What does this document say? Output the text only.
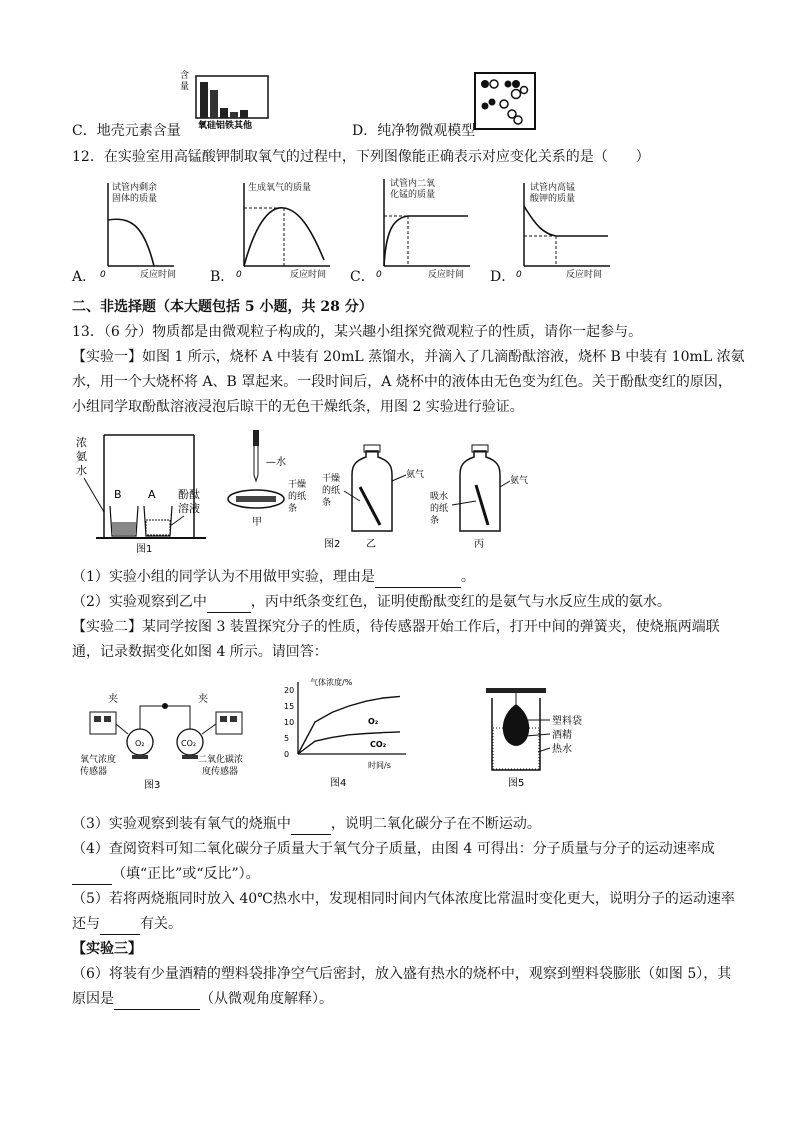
含
量
氧硅铝铁其他
C．地壳元素含量	D．纯净物微观模型
12．在实验室用高锰酸钾制取氧气的过程中，下列图像能正确表示对应变化关系的是（　　）
试管内剩余
固体的质量
0	反应时间
A．
生成氧气的质量
0	反应时间
B．
试管内二氧
化锰的质量
0	反应时间
C．
试管内高锰
酸钾的质量
0	反应时间
D．
二、非选择题（本大题包括 5 小题，共 28 分）
13．（6 分）物质都是由微观粒子构成的，某兴趣小组探究微观粒子的性质，请你一起参与。
【实验一】如图 1 所示，烧杯 A 中装有 20mL 蒸馏水，并滴入了几滴酚酞溶液，烧杯 B 中装有 10mL 浓氨
水，用一个大烧杯将 A、B 罩起来。一段时间后，A 烧杯中的液体由无色变为红色。关于酚酞变红的原因，
小组同学取酚酞溶液浸泡后晾干的无色干燥纸条，用图 2 实验进行验证。
浓
氨
水
B A 酚酞
溶液
图1
— 水
干燥
的纸
条
甲
干燥
的纸
条
氨气
乙
吸水
的纸
条
氨气
丙
图2
（1）实验小组的同学认为不用做甲实验，理由是	。
（2）实验观察到乙中	，丙中纸条变红色，证明使酚酞变红的是氨气与水反应生成的氨水。
【实验二】某同学按图 3 装置探究分子的性质，待传感器开始工作后，打开中间的弹簧夹，使烧瓶两端联
通，记录数据变化如图 4 所示。请回答：
夹	夹
O₂	CO₂
氧气浓度
传感器
二氧化碳浓
度传感器
图3
气体浓度/%
20
15
10
5
0
O₂
CO₂
时间/s
图4
塑料袋
酒精
热水
图5
（3）实验观察到装有氧气的烧瓶中	，说明二氧化碳分子在不断运动。
（4）查阅资料可知二氧化碳分子质量大于氧气分子质量，由图 4 可得出：分子质量与分子的运动速率成
（填“正比”或“反比”）。
（5）若将两烧瓶同时放入 40℃热水中，发现相同时间内气体浓度比常温时变化更大，说明分子的运动速率
还与	有关。
【实验三】
（6）将装有少量酒精的塑料袋排净空气后密封，放入盛有热水的烧杯中，观察到塑料袋膨胀（如图 5），其
原因是	（从微观角度解释）。
